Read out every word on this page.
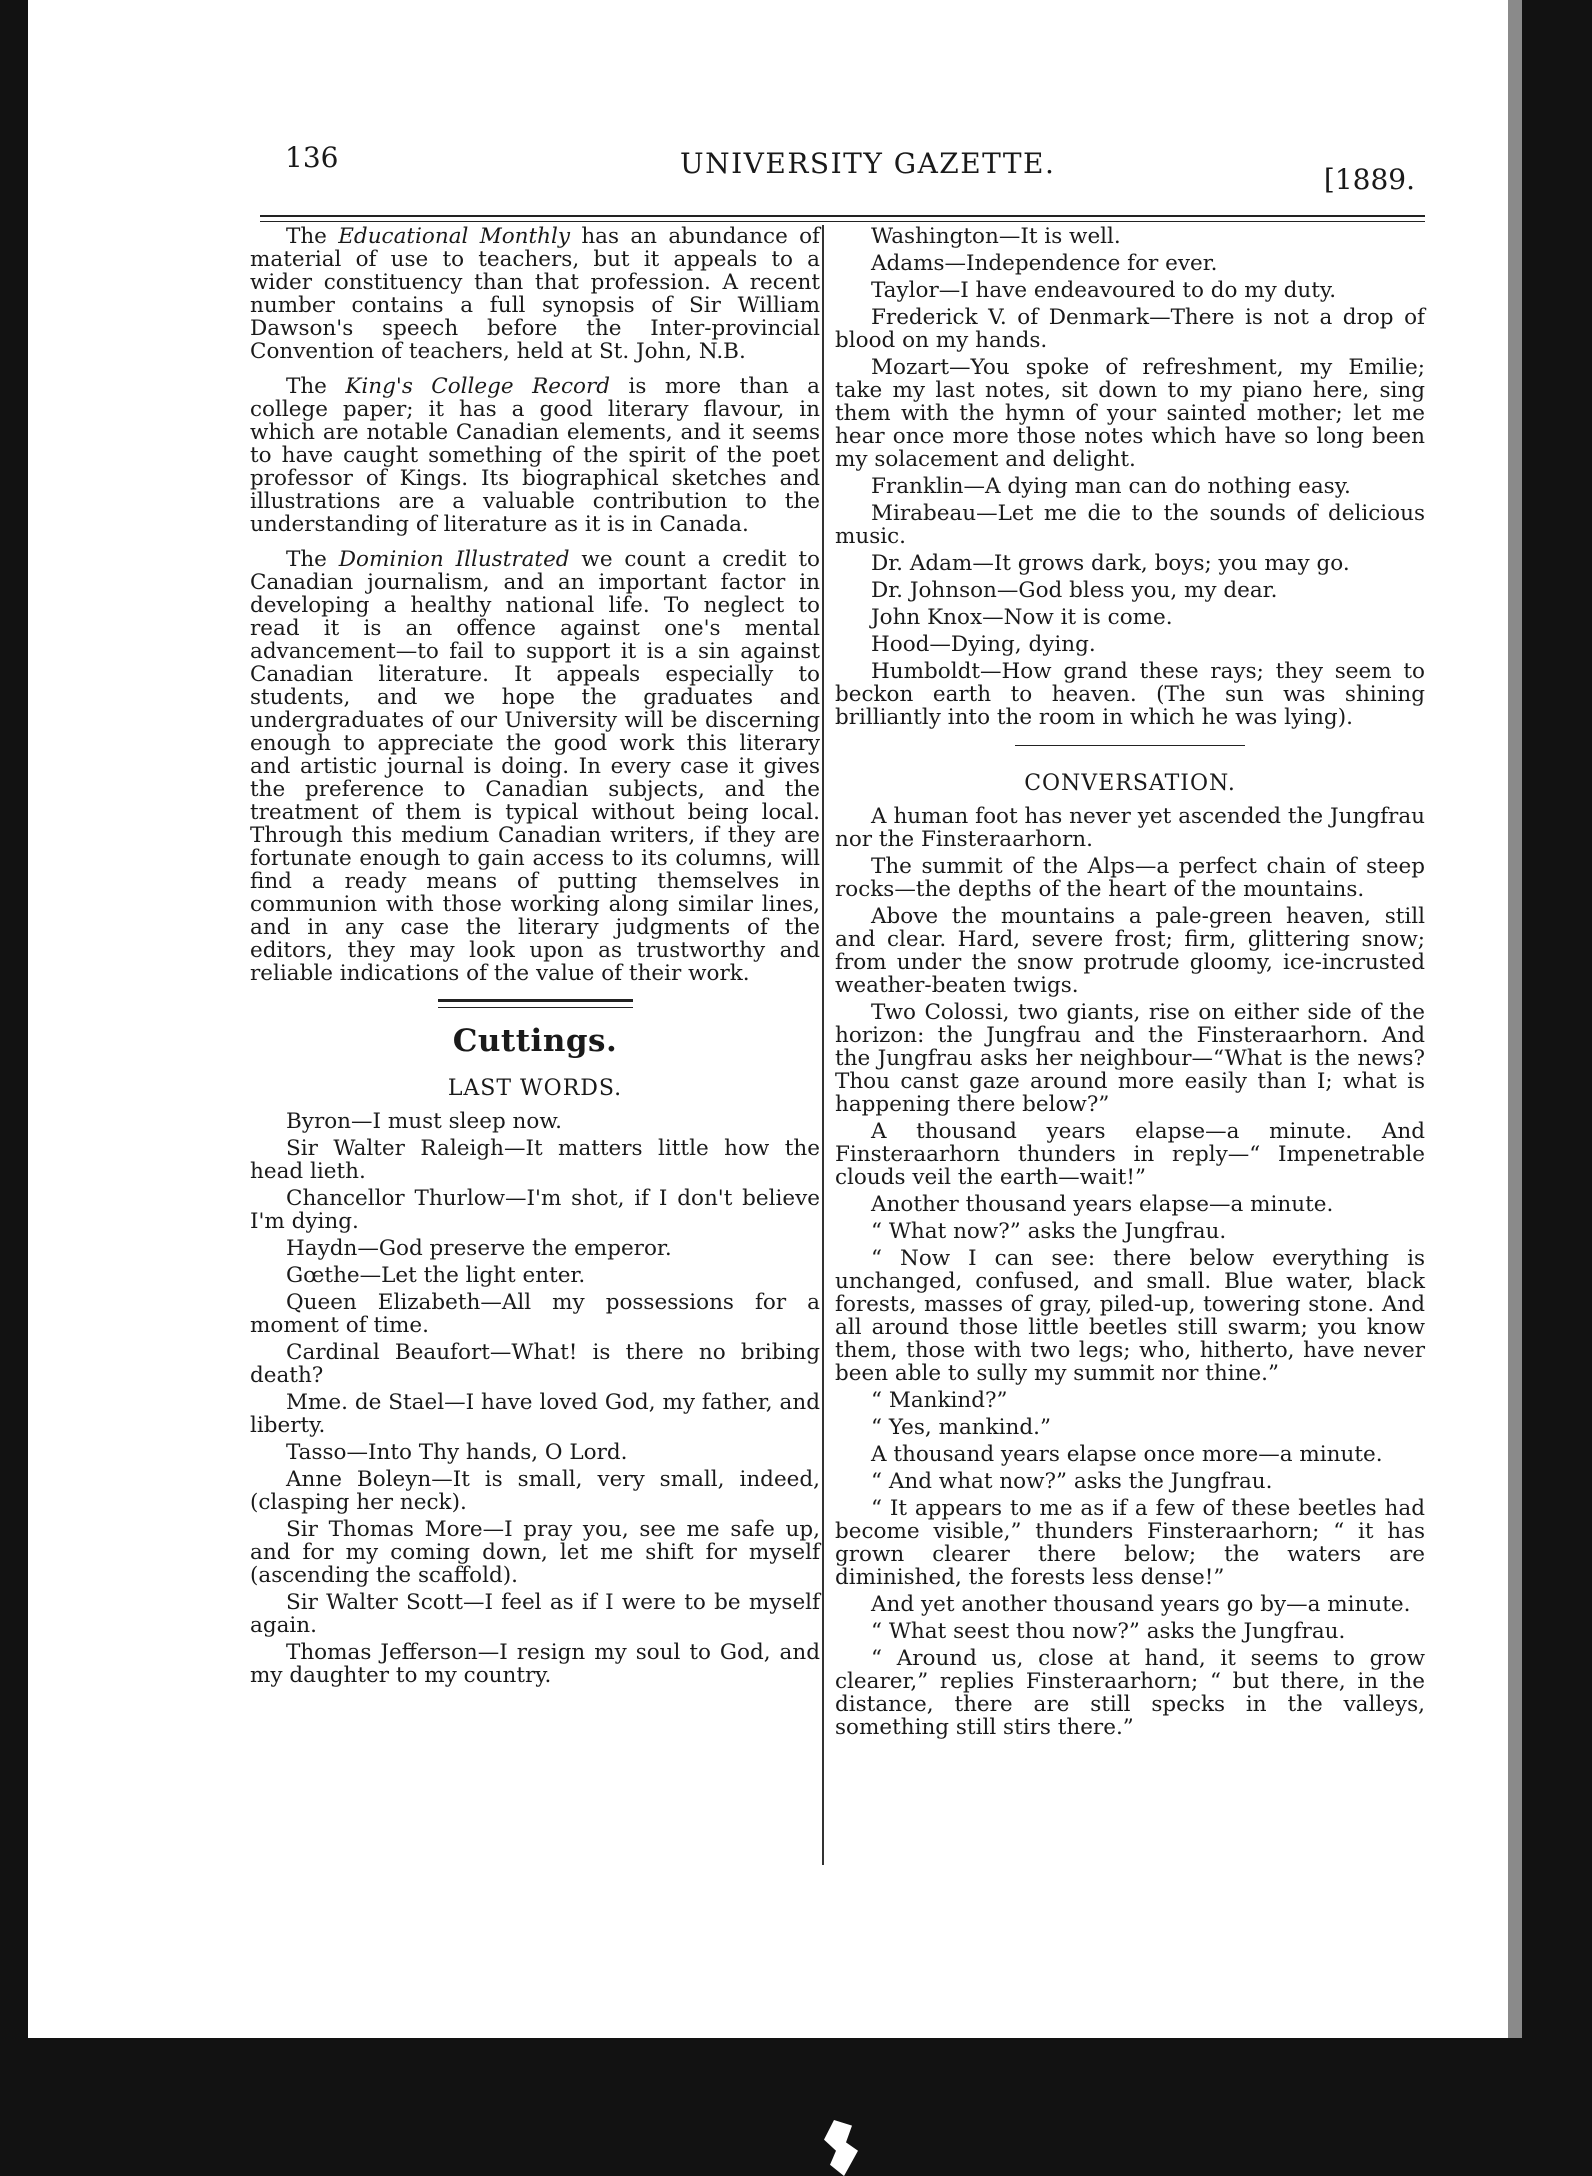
136	UNIVERSITY GAZETTE.	[1889.

The Educational Monthly has an abundance of material of use to teachers, but it appeals to a wider constituency than that profession. A recent number contains a full synopsis of Sir William Dawson's speech before the Inter-provincial Convention of teachers, held at St. John, N.B.

The King's College Record is more than a college paper; it has a good literary flavour, in which are notable Canadian elements, and it seems to have caught something of the spirit of the poet professor of Kings. Its biographical sketches and illustrations are a valuable contribution to the understanding of literature as it is in Canada.

The Dominion Illustrated we count a credit to Canadian journalism, and an important factor in developing a healthy national life. To neglect to read it is an offence against one's mental advancement—to fail to support it is a sin against Canadian literature. It appeals especially to students, and we hope the graduates and undergraduates of our University will be discerning enough to appreciate the good work this literary and artistic journal is doing. In every case it gives the preference to Canadian subjects, and the treatment of them is typical without being local. Through this medium Canadian writers, if they are fortunate enough to gain access to its columns, will find a ready means of putting themselves in communion with those working along similar lines, and in any case the literary judgments of the editors, they may look upon as trustworthy and reliable indications of the value of their work.

Cuttings.
LAST WORDS.

Byron—I must sleep now.

Sir Walter Raleigh—It matters little how the head lieth.

Chancellor Thurlow—I'm shot, if I don't believe I'm dying.

Haydn—God preserve the emperor.

Gœthe—Let the light enter.

Queen Elizabeth—All my possessions for a moment of time.

Cardinal Beaufort—What! is there no bribing death?

Mme. de Stael—I have loved God, my father, and liberty.

Tasso—Into Thy hands, O Lord.

Anne Boleyn—It is small, very small, indeed, (clasping her neck).

Sir Thomas More—I pray you, see me safe up, and for my coming down, let me shift for myself (ascending the scaffold).

Sir Walter Scott—I feel as if I were to be myself again.

Thomas Jefferson—I resign my soul to God, and my daughter to my country.

Washington—It is well.

Adams—Independence for ever.

Taylor—I have endeavoured to do my duty.

Frederick V. of Denmark—There is not a drop of blood on my hands.

Mozart—You spoke of refreshment, my Emilie; take my last notes, sit down to my piano here, sing them with the hymn of your sainted mother; let me hear once more those notes which have so long been my solacement and delight.

Franklin—A dying man can do nothing easy.

Mirabeau—Let me die to the sounds of delicious music.

Dr. Adam—It grows dark, boys; you may go.

Dr. Johnson—God bless you, my dear.

John Knox—Now it is come.

Hood—Dying, dying.

Humboldt—How grand these rays; they seem to beckon earth to heaven. (The sun was shining brilliantly into the room in which he was lying).

CONVERSATION.

A human foot has never yet ascended the Jungfrau nor the Finsteraarhorn.

The summit of the Alps—a perfect chain of steep rocks—the depths of the heart of the mountains.

Above the mountains a pale-green heaven, still and clear. Hard, severe frost; firm, glittering snow; from under the snow protrude gloomy, ice-incrusted weather-beaten twigs.

Two Colossi, two giants, rise on either side of the horizon: the Jungfrau and the Finsteraarhorn. And the Jungfrau asks her neighbour—“What is the news? Thou canst gaze around more easily than I; what is happening there below?”

A thousand years elapse—a minute. And Finsteraarhorn thunders in reply—“ Impenetrable clouds veil the earth—wait!”

Another thousand years elapse—a minute.

“ What now?” asks the Jungfrau.

“ Now I can see: there below everything is unchanged, confused, and small. Blue water, black forests, masses of gray, piled-up, towering stone. And all around those little beetles still swarm; you know them, those with two legs; who, hitherto, have never been able to sully my summit nor thine.”

“ Mankind?”

“ Yes, mankind.”

A thousand years elapse once more—a minute.

“ And what now?” asks the Jungfrau.

“ It appears to me as if a few of these beetles had become visible,” thunders Finsteraarhorn; “ it has grown clearer there below; the waters are diminished, the forests less dense!”

And yet another thousand years go by—a minute.

“ What seest thou now?” asks the Jungfrau.

“ Around us, close at hand, it seems to grow clearer,” replies Finsteraarhorn; “ but there, in the distance, there are still specks in the valleys, something still stirs there.”
